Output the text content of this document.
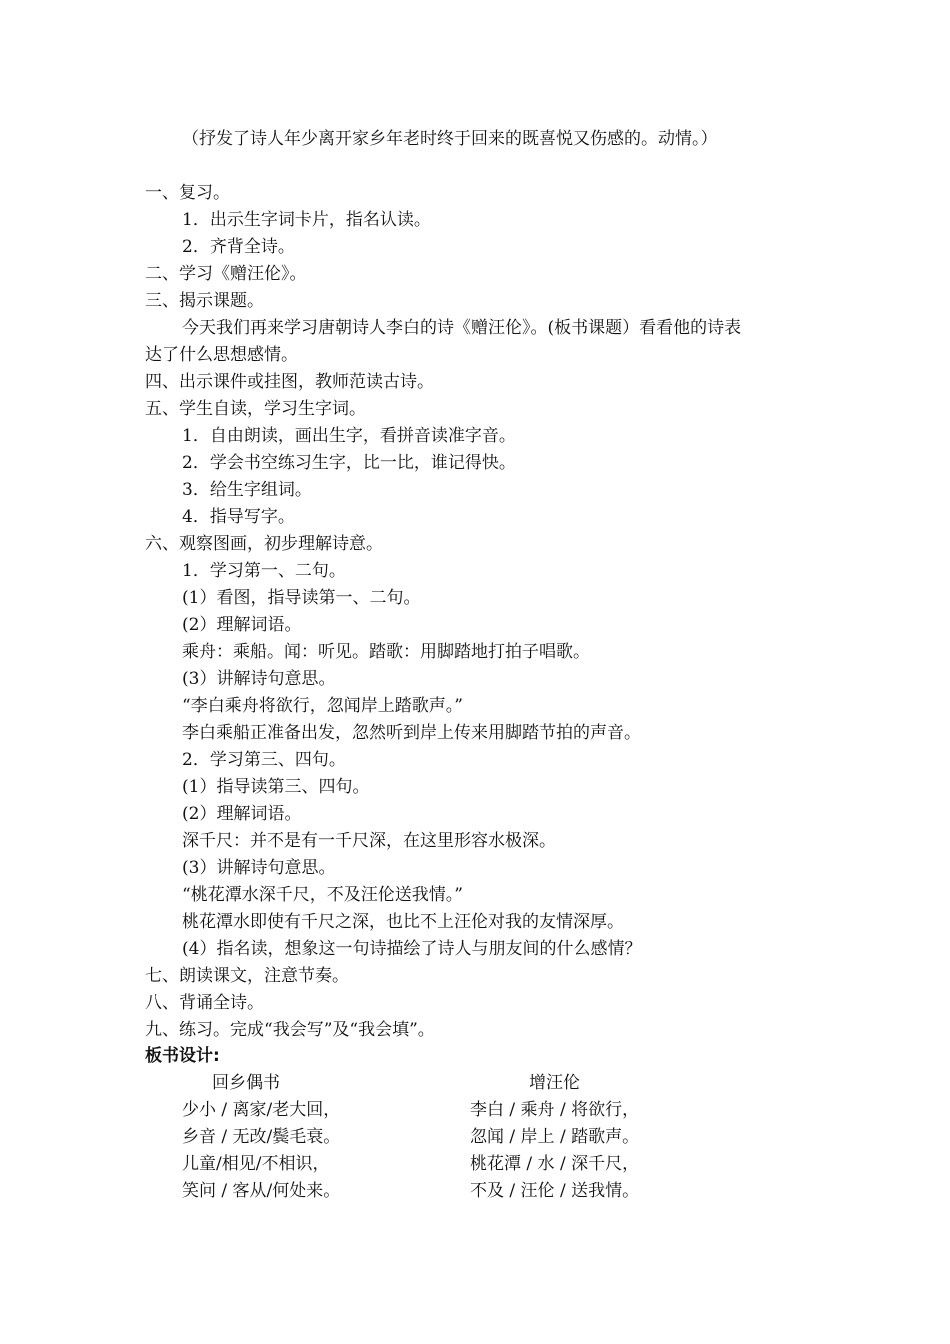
（抒发了诗人年少离开家乡年老时终于回来的既喜悦又伤感的。动情。）
一、复习。
1．出示生字词卡片，指名认读。
2．齐背全诗。
二、学习《赠汪伦》。
三、揭示课题。
今天我们再来学习唐朝诗人李白的诗《赠汪伦》。(板书课题）看看他的诗表
达了什么思想感情。
四、出示课件或挂图，教师范读古诗。
五、学生自读，学习生字词。
1．自由朗读，画出生字，看拼音读准字音。
2．学会书空练习生字，比一比，谁记得快。
3．给生字组词。
4．指导写字。
六、观察图画，初步理解诗意。
1．学习第一、二句。
(1）看图，指导读第一、二句。
(2）理解词语。
乘舟：乘船。闻：听见。踏歌：用脚踏地打拍子唱歌。
(3）讲解诗句意思。
“李白乘舟将欲行，忽闻岸上踏歌声。”
李白乘船正准备出发，忽然听到岸上传来用脚踏节拍的声音。
2．学习第三、四句。
(1）指导读第三、四句。
(2）理解词语。
深千尺：并不是有一千尺深，在这里形容水极深。
(3）讲解诗句意思。
“桃花潭水深千尺，不及汪伦送我情。”
桃花潭水即使有千尺之深，也比不上汪伦对我的友情深厚。
(4）指名读，想象这一句诗描绘了诗人与朋友间的什么感情？
七、朗读课文，注意节奏。
八、背诵全诗。
九、练习。完成“我会写”及“我会填”。
板书设计:
回乡偶书
少小 / 离家/老大回，
乡音 / 无改/鬓毛衰。
儿童/相见/不相识，
笑问 / 客从/何处来。
增汪伦
李白 / 乘舟 / 将欲行，
忽闻 / 岸上 / 踏歌声。
桃花潭 / 水 / 深千尺，
不及 / 汪伦 / 送我情。
